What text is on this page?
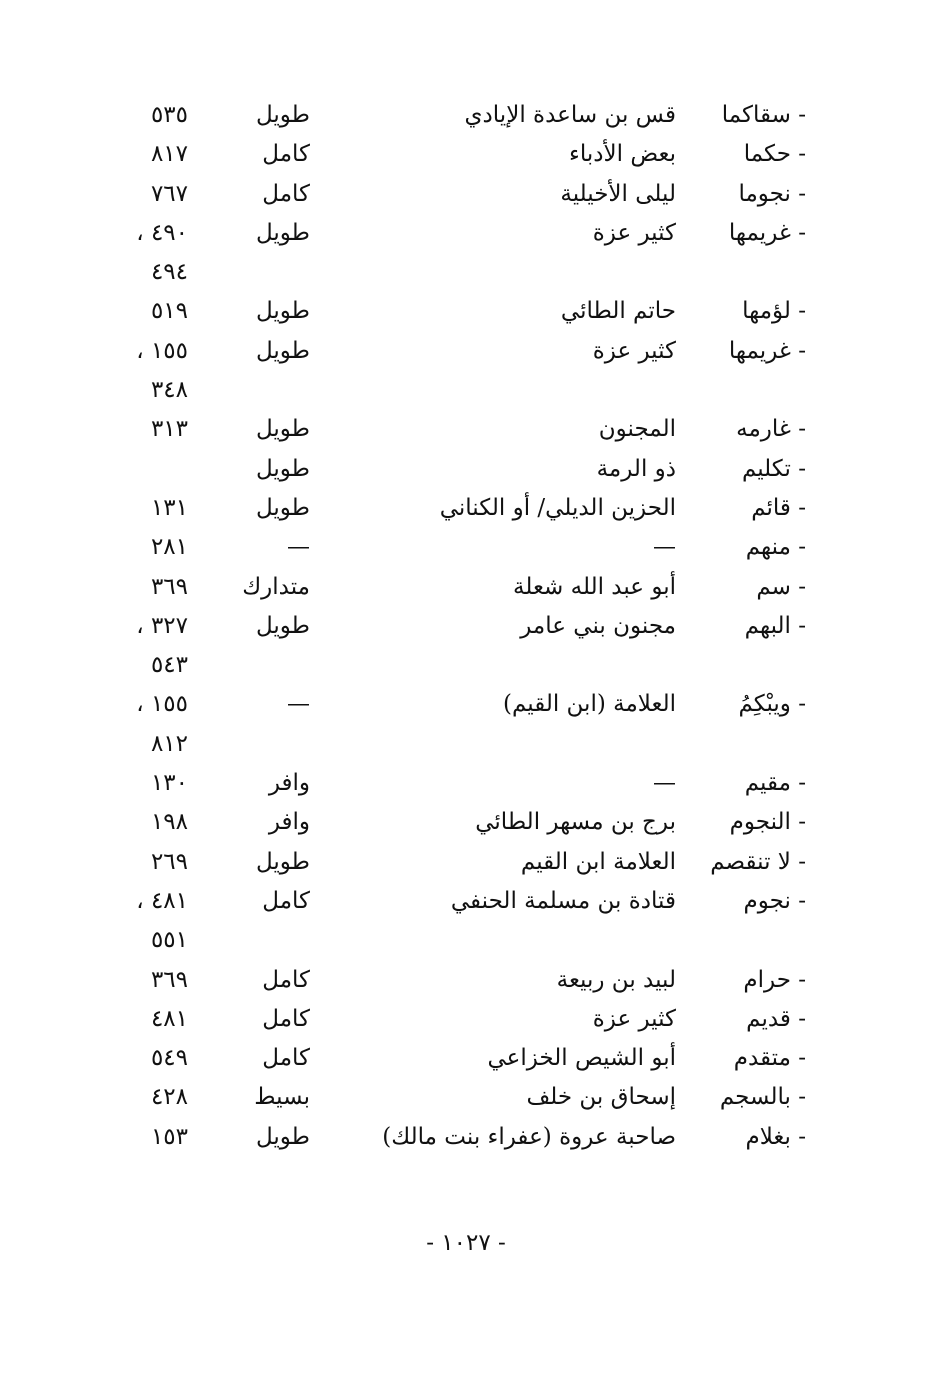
- سقاكما
قس بن ساعدة الإيادي
طويل
٥٣٥
- حكما
بعض الأدباء
كامل
٨١٧
- نجوما
ليلى الأخيلية
كامل
٧٦٧
- غريمها
كثير عزة
طويل
٤٩٠ ،
٤٩٤
- لؤمها
حاتم الطائي
طويل
٥١٩
- غريمها
كثير عزة
طويل
١٥٥ ،
٣٤٨
- غارمه
المجنون
طويل
٣١٣
- تكليم
ذو الرمة
طويل
- قائم
الحزين الديلي/ أو الكناني
طويل
١٣١
- منهم
—
—
٢٨١
- سم
أبو عبد الله شعلة
متدارك
٣٦٩
- البهم
مجنون بني عامر
طويل
٣٢٧ ،
٥٤٣
- ويبْكِمُ
العلامة (ابن القيم)
—
١٥٥ ،
٨١٢
- مقيم
—
وافر
١٣٠
- النجوم
برج بن مسهر الطائي
وافر
١٩٨
- لا تنقصم
العلامة ابن القيم
طويل
٢٦٩
- نجوم
قتادة بن مسلمة الحنفي
كامل
٤٨١ ،
٥٥١
- حرام
لبيد بن ربيعة
كامل
٣٦٩
- قديم
كثير عزة
كامل
٤٨١
- متقدم
أبو الشيص الخزاعي
كامل
٥٤٩
- بالسجم
إسحاق بن خلف
بسيط
٤٢٨
- بغلام
صاحبة عروة (عفراء بنت مالك)
طويل
١٥٣
- ١٠٢٧ -
